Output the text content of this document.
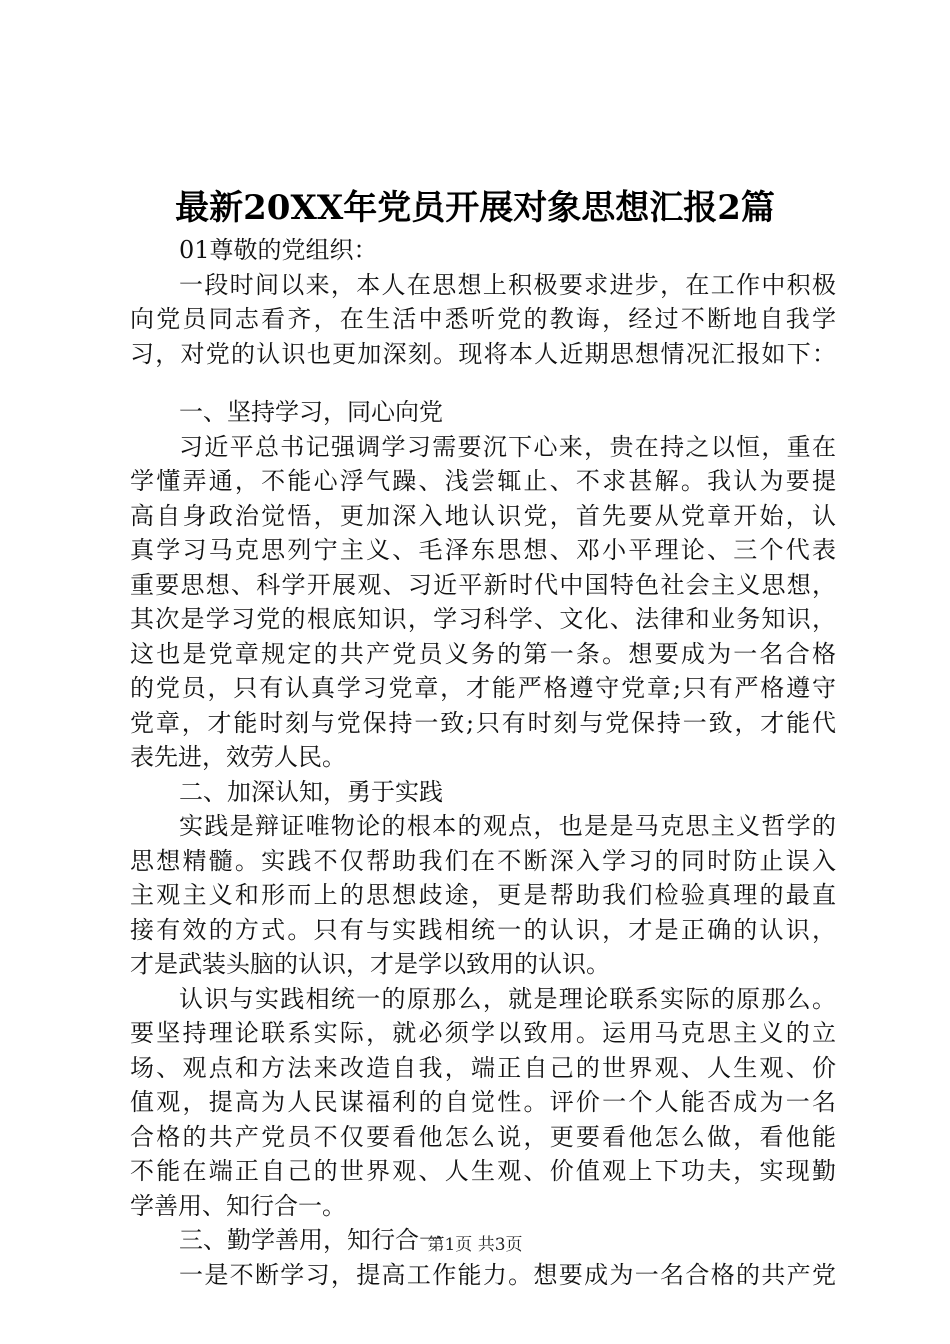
最新20XX年党员开展对象思想汇报2篇
01尊敬的党组织：
一段时间以来，本人在思想上积极要求进步，在工作中积极
向党员同志看齐，在生活中悉听党的教诲，经过不断地自我学
习，对党的认识也更加深刻。现将本人近期思想情况汇报如下：
一、坚持学习，同心向党
习近平总书记强调学习需要沉下心来，贵在持之以恒，重在
学懂弄通，不能心浮气躁、浅尝辄止、不求甚解。我认为要提
高自身政治觉悟，更加深入地认识党，首先要从党章开始，认
真学习马克思列宁主义、毛泽东思想、邓小平理论、三个代表
重要思想、科学开展观、习近平新时代中国特色社会主义思想，
其次是学习党的根底知识，学习科学、文化、法律和业务知识，
这也是党章规定的共产党员义务的第一条。想要成为一名合格
的党员，只有认真学习党章，才能严格遵守党章;只有严格遵守
党章，才能时刻与党保持一致;只有时刻与党保持一致，才能代
表先进，效劳人民。
二、加深认知，勇于实践
实践是辩证唯物论的根本的观点，也是是马克思主义哲学的
思想精髓。实践不仅帮助我们在不断深入学习的同时防止误入
主观主义和形而上的思想歧途，更是帮助我们检验真理的最直
接有效的方式。只有与实践相统一的认识，才是正确的认识，
才是武装头脑的认识，才是学以致用的认识。
认识与实践相统一的原那么，就是理论联系实际的原那么。
要坚持理论联系实际，就必须学以致用。运用马克思主义的立
场、观点和方法来改造自我，端正自己的世界观、人生观、价
值观，提高为人民谋福利的自觉性。评价一个人能否成为一名
合格的共产党员不仅要看他怎么说，更要看他怎么做，看他能
不能在端正自己的世界观、人生观、价值观上下功夫，实现勤
学善用、知行合一。
三、勤学善用，知行合一
一是不断学习，提高工作能力。想要成为一名合格的共产党
第1页 共3页
